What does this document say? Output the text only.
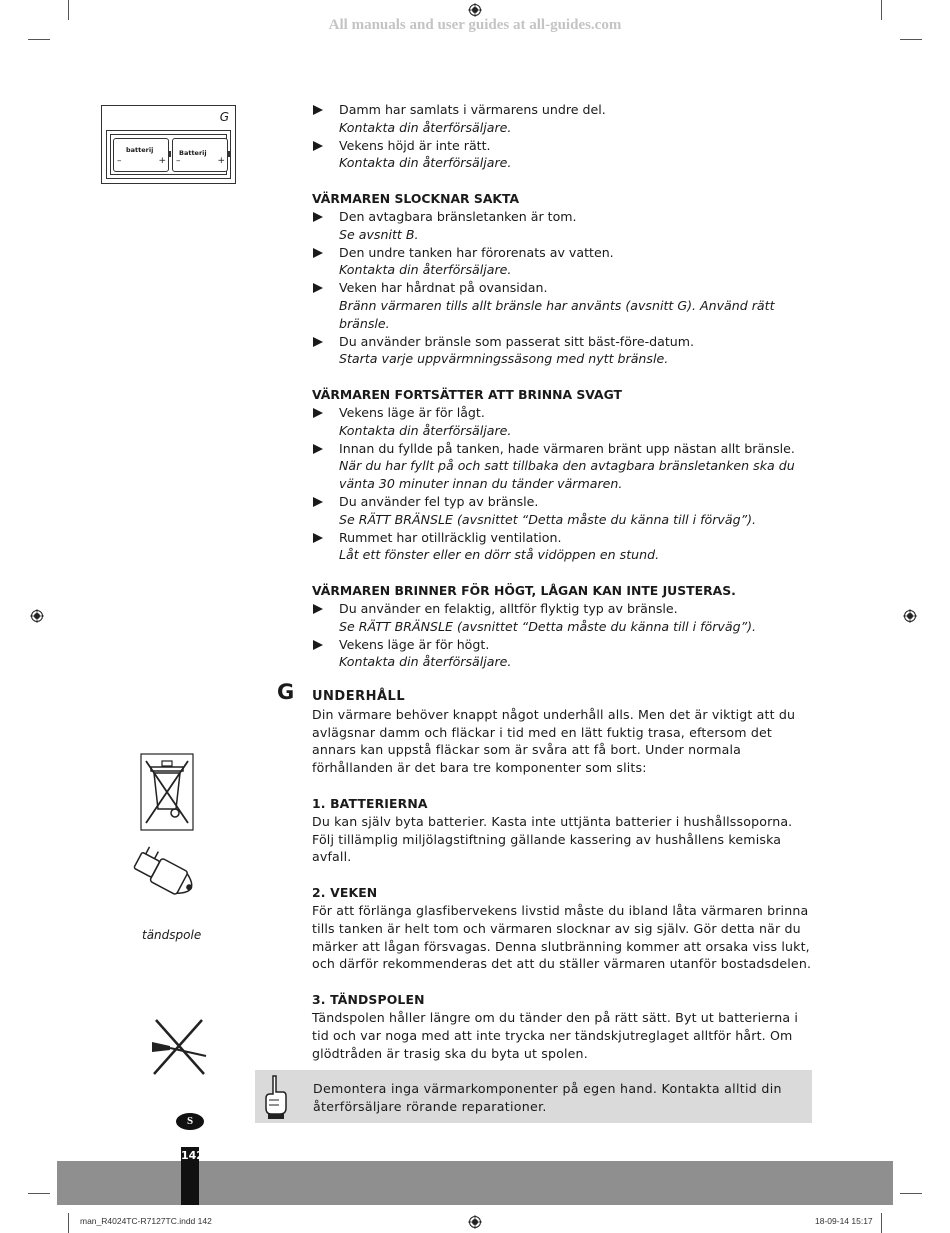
All manuals and user guides at all-guides.com
G
batterij
–	+
Batterij
–	+
Damm har samlats i värmarens undre del.
Kontakta din återförsäljare.
Vekens höjd är inte rätt.
Kontakta din återförsäljare.
VÄRMAREN SLOCKNAR SAKTA
Den avtagbara bränsletanken är tom.
Se avsnitt B.
Den undre tanken har förorenats av vatten.
Kontakta din återförsäljare.
Veken har hårdnat på ovansidan.
Bränn värmaren tills allt bränsle har använts (avsnitt G). Använd rätt bränsle.
Du använder bränsle som passerat sitt bäst-före-datum.
Starta varje uppvärmningssäsong med nytt bränsle.
VÄRMAREN FORTSÄTTER ATT BRINNA SVAGT
Vekens läge är för lågt.
Kontakta din återförsäljare.
Innan du fyllde på tanken, hade värmaren bränt upp nästan allt bränsle.
När du har fyllt på och satt tillbaka den avtagbara bränsletanken ska du vänta 30 minuter innan du tänder värmaren.
Du använder fel typ av bränsle.
Se RÄTT BRÄNSLE (avsnittet “Detta måste du känna till i förväg”).
Rummet har otillräcklig ventilation.
Låt ett fönster eller en dörr stå vidöppen en stund.
VÄRMAREN BRINNER FÖR HÖGT, LÅGAN KAN INTE JUSTERAS.
Du använder en felaktig, alltför flyktig typ av bränsle.
Se RÄTT BRÄNSLE (avsnittet “Detta måste du känna till i förväg”).
Vekens läge är för högt.
Kontakta din återförsäljare.
G UNDERHÅLL
Din värmare behöver knappt något underhåll alls. Men det är viktigt att du avlägsnar damm och fläckar i tid med en lätt fuktig trasa, eftersom det annars kan uppstå fläckar som är svåra att få bort. Under normala förhållanden är det bara tre komponenter som slits:
1. BATTERIERNA
Du kan själv byta batterier. Kasta inte uttjänta batterier i hushållssoporna. Följ tillämplig miljölagstiftning gällande kassering av hushållens kemiska avfall.
2. VEKEN
För att förlänga glasfibervekens livstid måste du ibland låta värmaren brinna tills tanken är helt tom och värmaren slocknar av sig själv. Gör detta när du märker att lågan försvagas. Denna slutbränning kommer att orsaka viss lukt, och därför rekommenderas det att du ställer värmaren utanför bostadsdelen.
3. TÄNDSPOLEN
Tändspolen håller längre om du tänder den på rätt sätt. Byt ut batterierna i tid och var noga med att inte trycka ner tändskjutreglaget alltför hårt. Om glödtråden är trasig ska du byta ut spolen.
tändspole
Demontera inga värmarkomponenter på egen hand. Kontakta alltid din återförsäljare rörande reparationer.
S
142
man_R4024TC-R7127TC.indd 142	18-09-14 15:17
